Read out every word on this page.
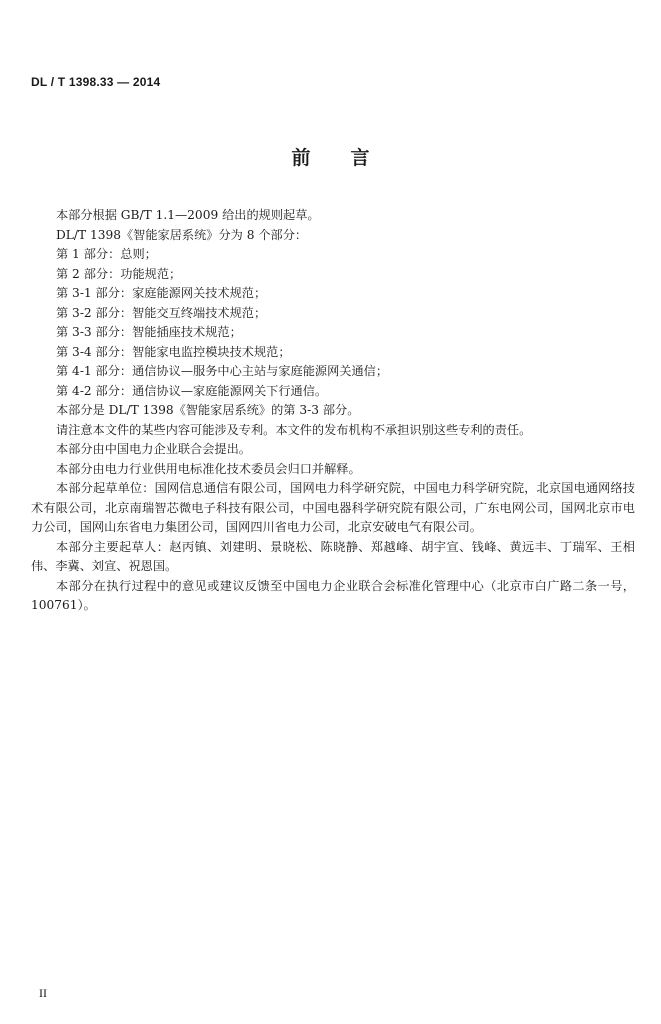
DL / T 1398.33 — 2014
前言

本部分根据 GB/T 1.1—2009 给出的规则起草。

DL/T 1398《智能家居系统》分为 8 个部分：

第 1 部分：总则；

第 2 部分：功能规范；

第 3-1 部分：家庭能源网关技术规范；

第 3-2 部分：智能交互终端技术规范；

第 3-3 部分：智能插座技术规范；

第 3-4 部分：智能家电监控模块技术规范；

第 4-1 部分：通信协议—服务中心主站与家庭能源网关通信；

第 4-2 部分：通信协议—家庭能源网关下行通信。

本部分是 DL/T 1398《智能家居系统》的第 3-3 部分。

请注意本文件的某些内容可能涉及专利。本文件的发布机构不承担识别这些专利的责任。

本部分由中国电力企业联合会提出。

本部分由电力行业供用电标准化技术委员会归口并解释。

本部分起草单位：国网信息通信有限公司，国网电力科学研究院，中国电力科学研究院，北京国电通网络技术有限公司，北京南瑞智芯微电子科技有限公司，中国电器科学研究院有限公司，广东电网公司，国网北京市电力公司，国网山东省电力集团公司，国网四川省电力公司，北京安破电气有限公司。

本部分主要起草人：赵丙镇、刘建明、景晓松、陈晓静、郑越峰、胡宇宣、钱峰、黄远丰、丁瑞军、王相伟、李冀、刘宣、祝恩国。

本部分在执行过程中的意见或建议反馈至中国电力企业联合会标准化管理中心（北京市白广路二条一号，100761）。

II
